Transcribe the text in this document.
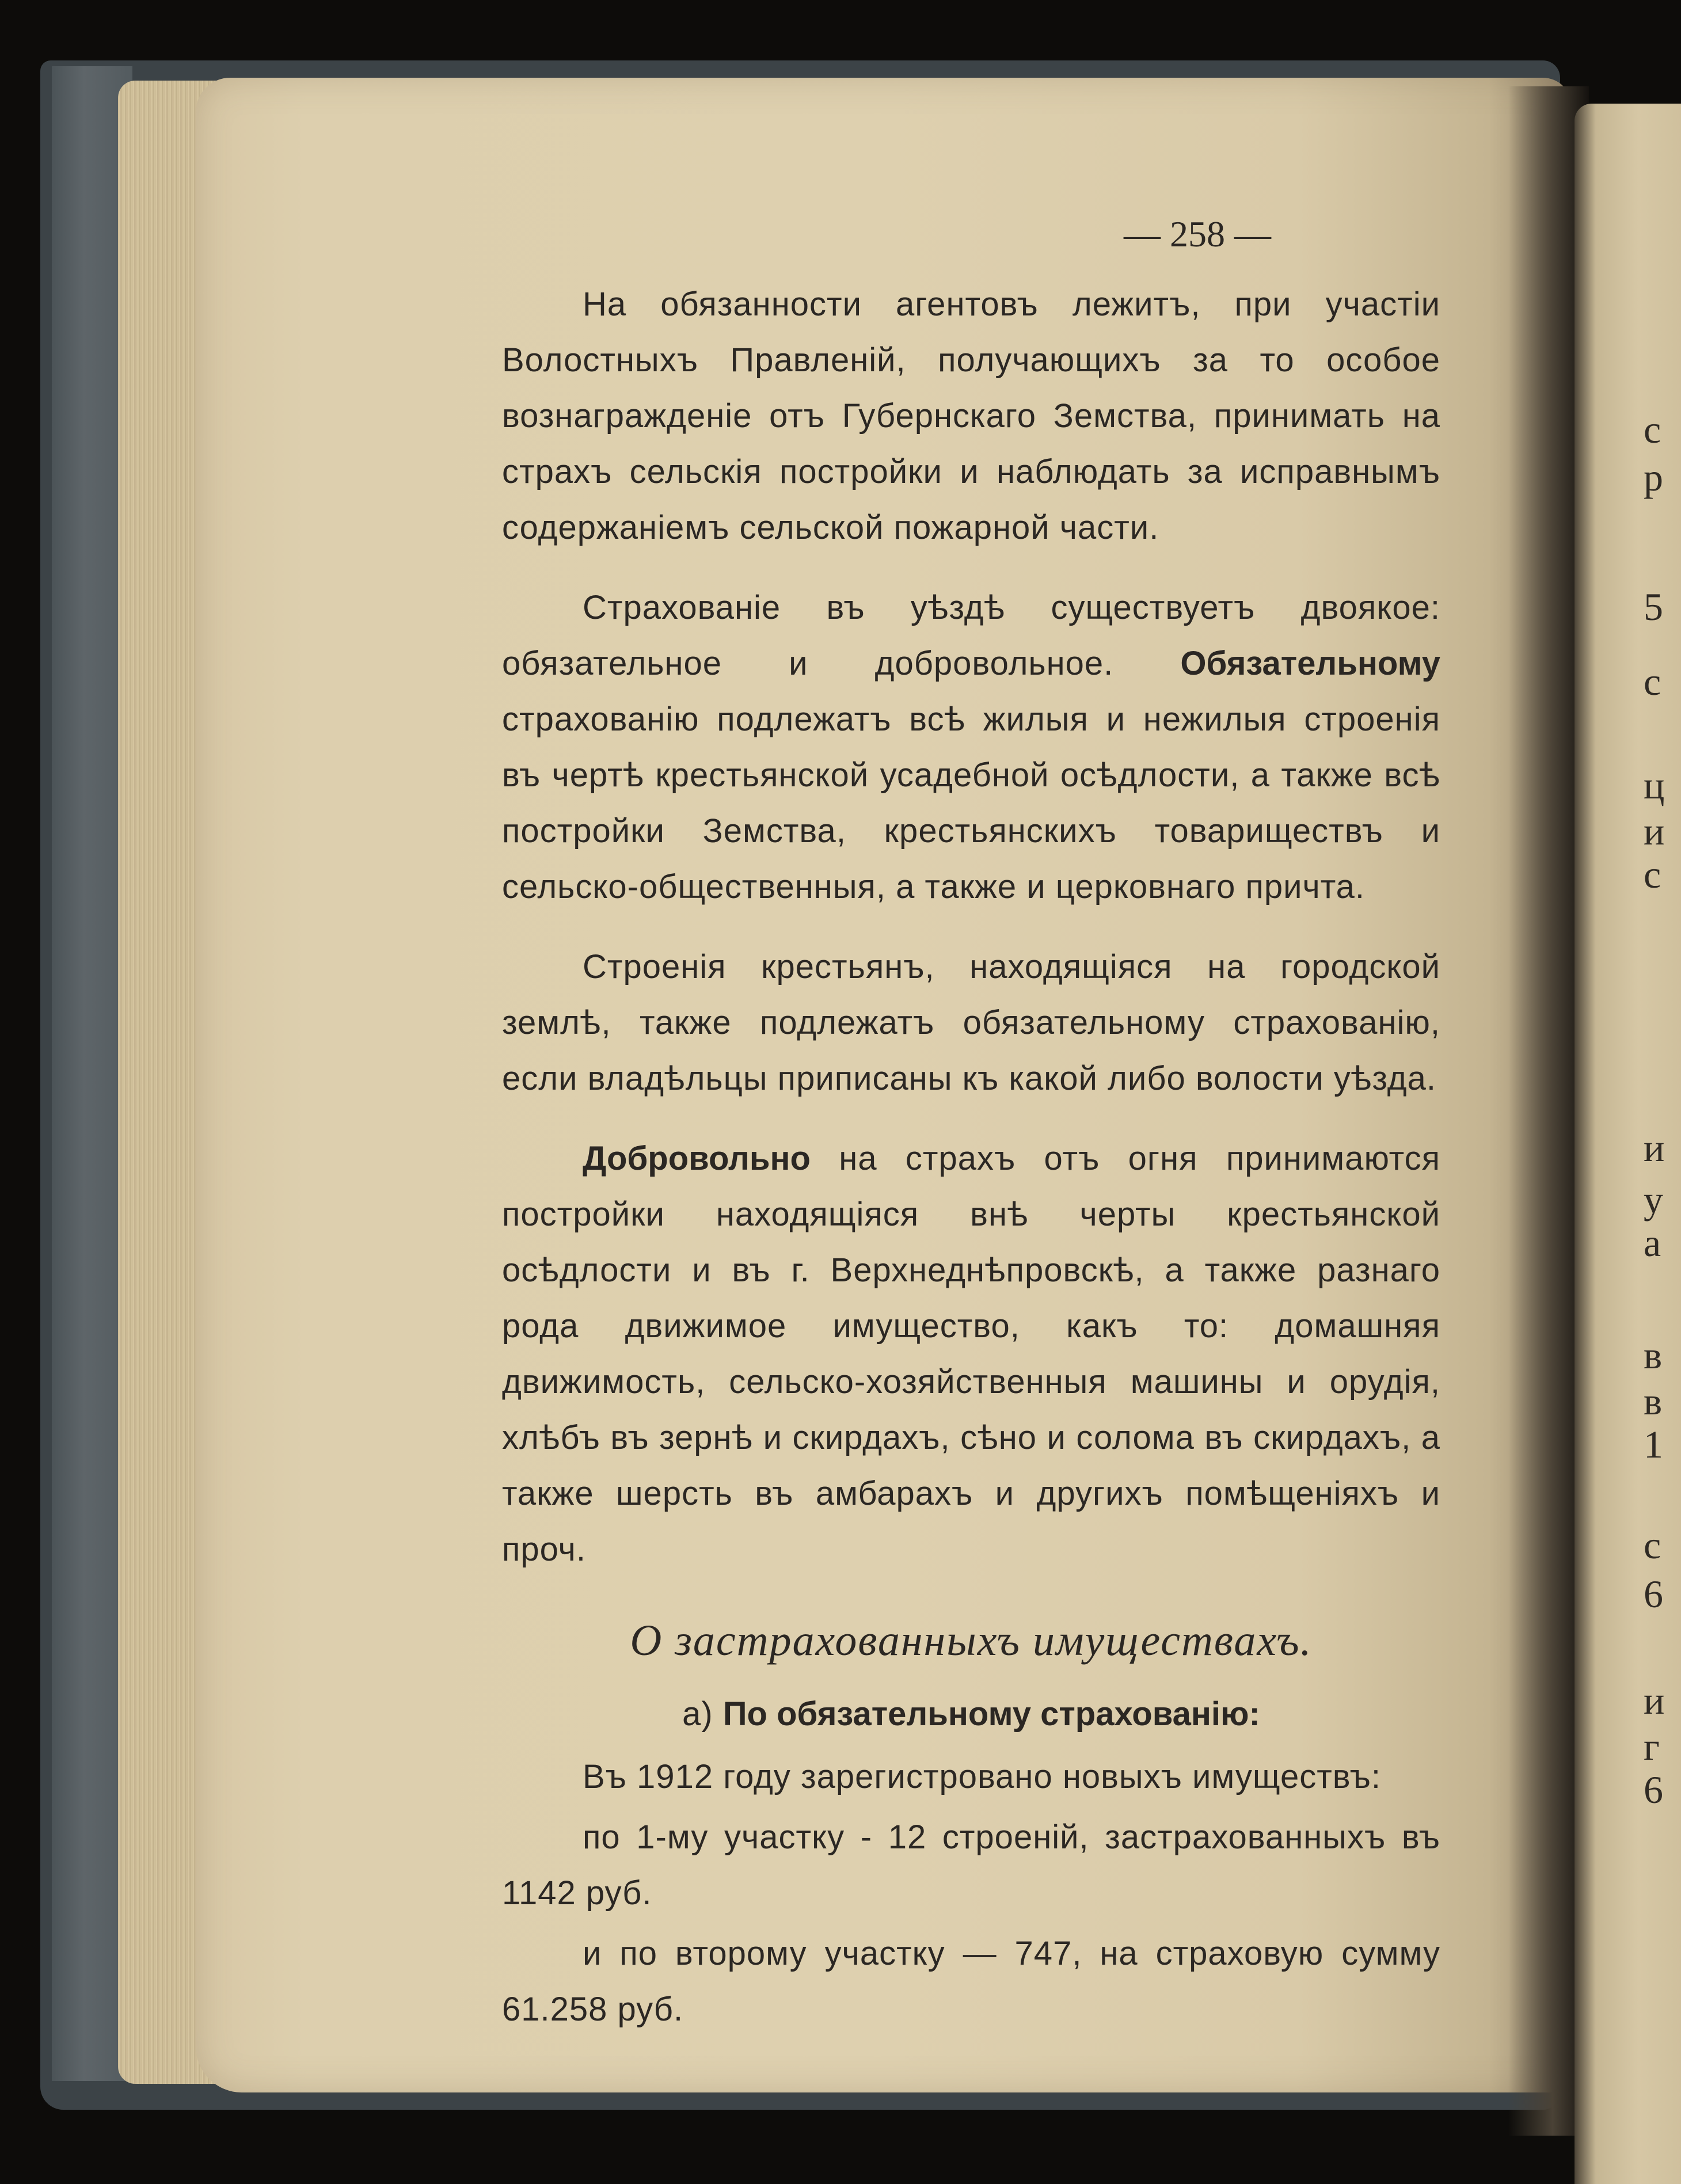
— 258 —

На обязанности агентовъ лежитъ, при участіи Волостныхъ Правленій, получающихъ за то особое вознагражденіе отъ Губернскаго Земства, принимать на страхъ сельскія постройки и наблюдать за исправнымъ содержаніемъ сельской пожарной части.

Страхованіе въ уѣздѣ существуетъ двоякое: обязательное и добровольное. Обязательному страхованію подлежатъ всѣ жилыя и нежилыя строенія въ чертѣ крестьянской усадебной осѣдлости, а также всѣ постройки Земства, крестьянскихъ товариществъ и сельско-общественныя, а также и церковнаго причта.

Строенія крестьянъ, находящіяся на городской землѣ, также подлежатъ обязательному страхованію, если владѣльцы приписаны къ какой либо волости уѣзда.

Добровольно на страхъ отъ огня принимаются постройки находящіяся внѣ черты крестьянской осѣдлости и въ г. Верхнеднѣпровскѣ, а также разнаго рода движимое имущество, какъ то: домашняя движимость, сельско-хозяйственныя машины и орудія, хлѣбъ въ зернѣ и скирдахъ, сѣно и солома въ скирдахъ, а также шерсть въ амбарахъ и другихъ помѣщеніяхъ и проч.

О застрахованныхъ имуществахъ.

а) По обязательному страхованію:

Въ 1912 году зарегистровано новыхъ имуществъ:

по 1-му участку - 12 строеній, застрахованныхъ въ 1142 руб.

и по второму участку — 747, на страховую сумму 61.258 руб.

с
р
5
с
ц
и
с
и
у
а
в
в
1
с
6
и
г
6
